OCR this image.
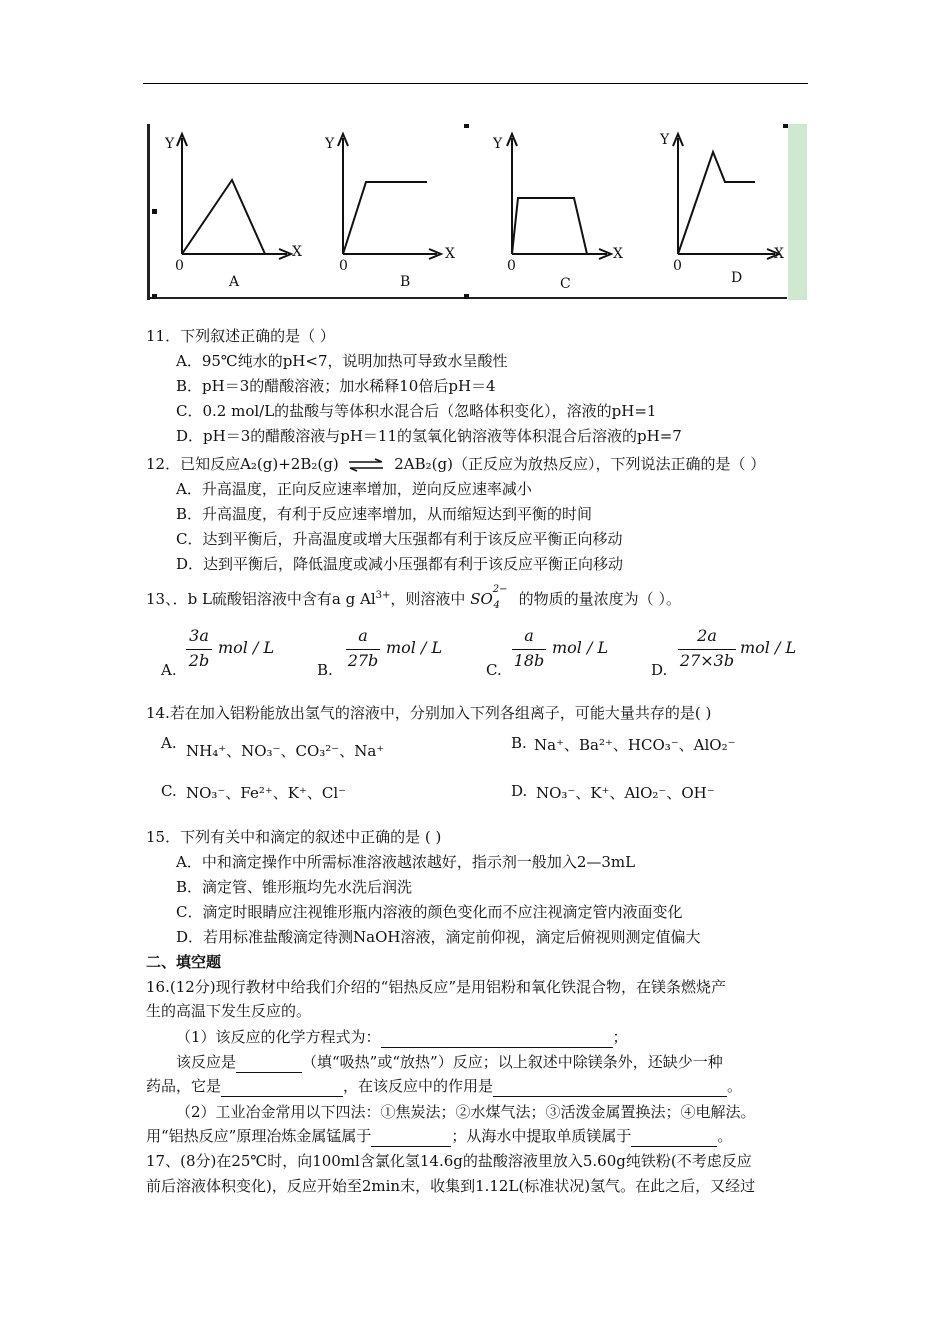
Y	Y	Y	Y
X	X	X	X
0	0	0	0
A	B	C	D
11．下列叙述正确的是（ ）
A．95℃纯水的pH<7，说明加热可导致水呈酸性
B．pH＝3的醋酸溶液；加水稀释10倍后pH＝4
C．0.2 mol/L的盐酸与等体积水混合后（忽略体积变化），溶液的pH=1
D．pH＝3的醋酸溶液与pH＝11的氢氧化钠溶液等体积混合后溶液的pH=7
12．已知反应A₂(g)+2B₂(g) ⇌ 2AB₂(g)（正反应为放热反应），下列说法正确的是（ ）
A．升高温度，正向反应速率增加，逆向反应速率减小
B．升高温度，有利于反应速率增加，从而缩短达到平衡的时间
C．达到平衡后，升高温度或增大压强都有利于该反应平衡正向移动
D．达到平衡后，降低温度或减小压强都有利于该反应平衡正向移动
13、．b L硫酸铝溶液中含有a g $Al^{3+}$，则溶液中 $SO^{2-}_4$ 的物质的量浓度为（ ）。
A.
3a
2b
mol / L
B.
a
27b
mol / L
C.
a
18b
mol / L
D.
2a
27×3b
mol / L
14.若在加入铝粉能放出氢气的溶液中，分别加入下列各组离子，可能大量共存的是( )
A. NH₄⁺、NO₃⁻、CO₃²⁻、Na⁺	B. Na⁺、Ba²⁺、HCO₃⁻、AlO₂⁻
C. NO₃⁻、Fe²⁺、K⁺、Cl⁻	D. NO₃⁻、K⁺、AlO₂⁻、OH⁻
15．下列有关中和滴定的叙述中正确的是 ( )
A．中和滴定操作中所需标准溶液越浓越好，指示剂一般加入2—3mL
B．滴定管、锥形瓶均先水洗后润洗
C．滴定时眼睛应注视锥形瓶内溶液的颜色变化而不应注视滴定管内液面变化
D．若用标准盐酸滴定待测NaOH溶液，滴定前仰视，滴定后俯视则测定值偏大
二、填空题
16.(12分)现行教材中给我们介绍的“铝热反应”是用铝粉和氧化铁混合物，在镁条燃烧产
生的高温下发生反应的。
（1）该反应的化学方程式为：	；
该反应是	（填“吸热”或“放热”）反应；以上叙述中除镁条外，还缺少一种
药品，它是	，在该反应中的作用是	。
（2）工业冶金常用以下四法：①焦炭法；②水煤气法；③活泼金属置换法；④电解法。
用“铝热反应”原理冶炼金属锰属于	；从海水中提取单质镁属于	。
17、(8分)在25℃时，向100ml含氯化氢14.6g的盐酸溶液里放入5.60g纯铁粉(不考虑反应
前后溶液体积变化)，反应开始至2min末，收集到1.12L(标准状况)氢气。在此之后，又经过
